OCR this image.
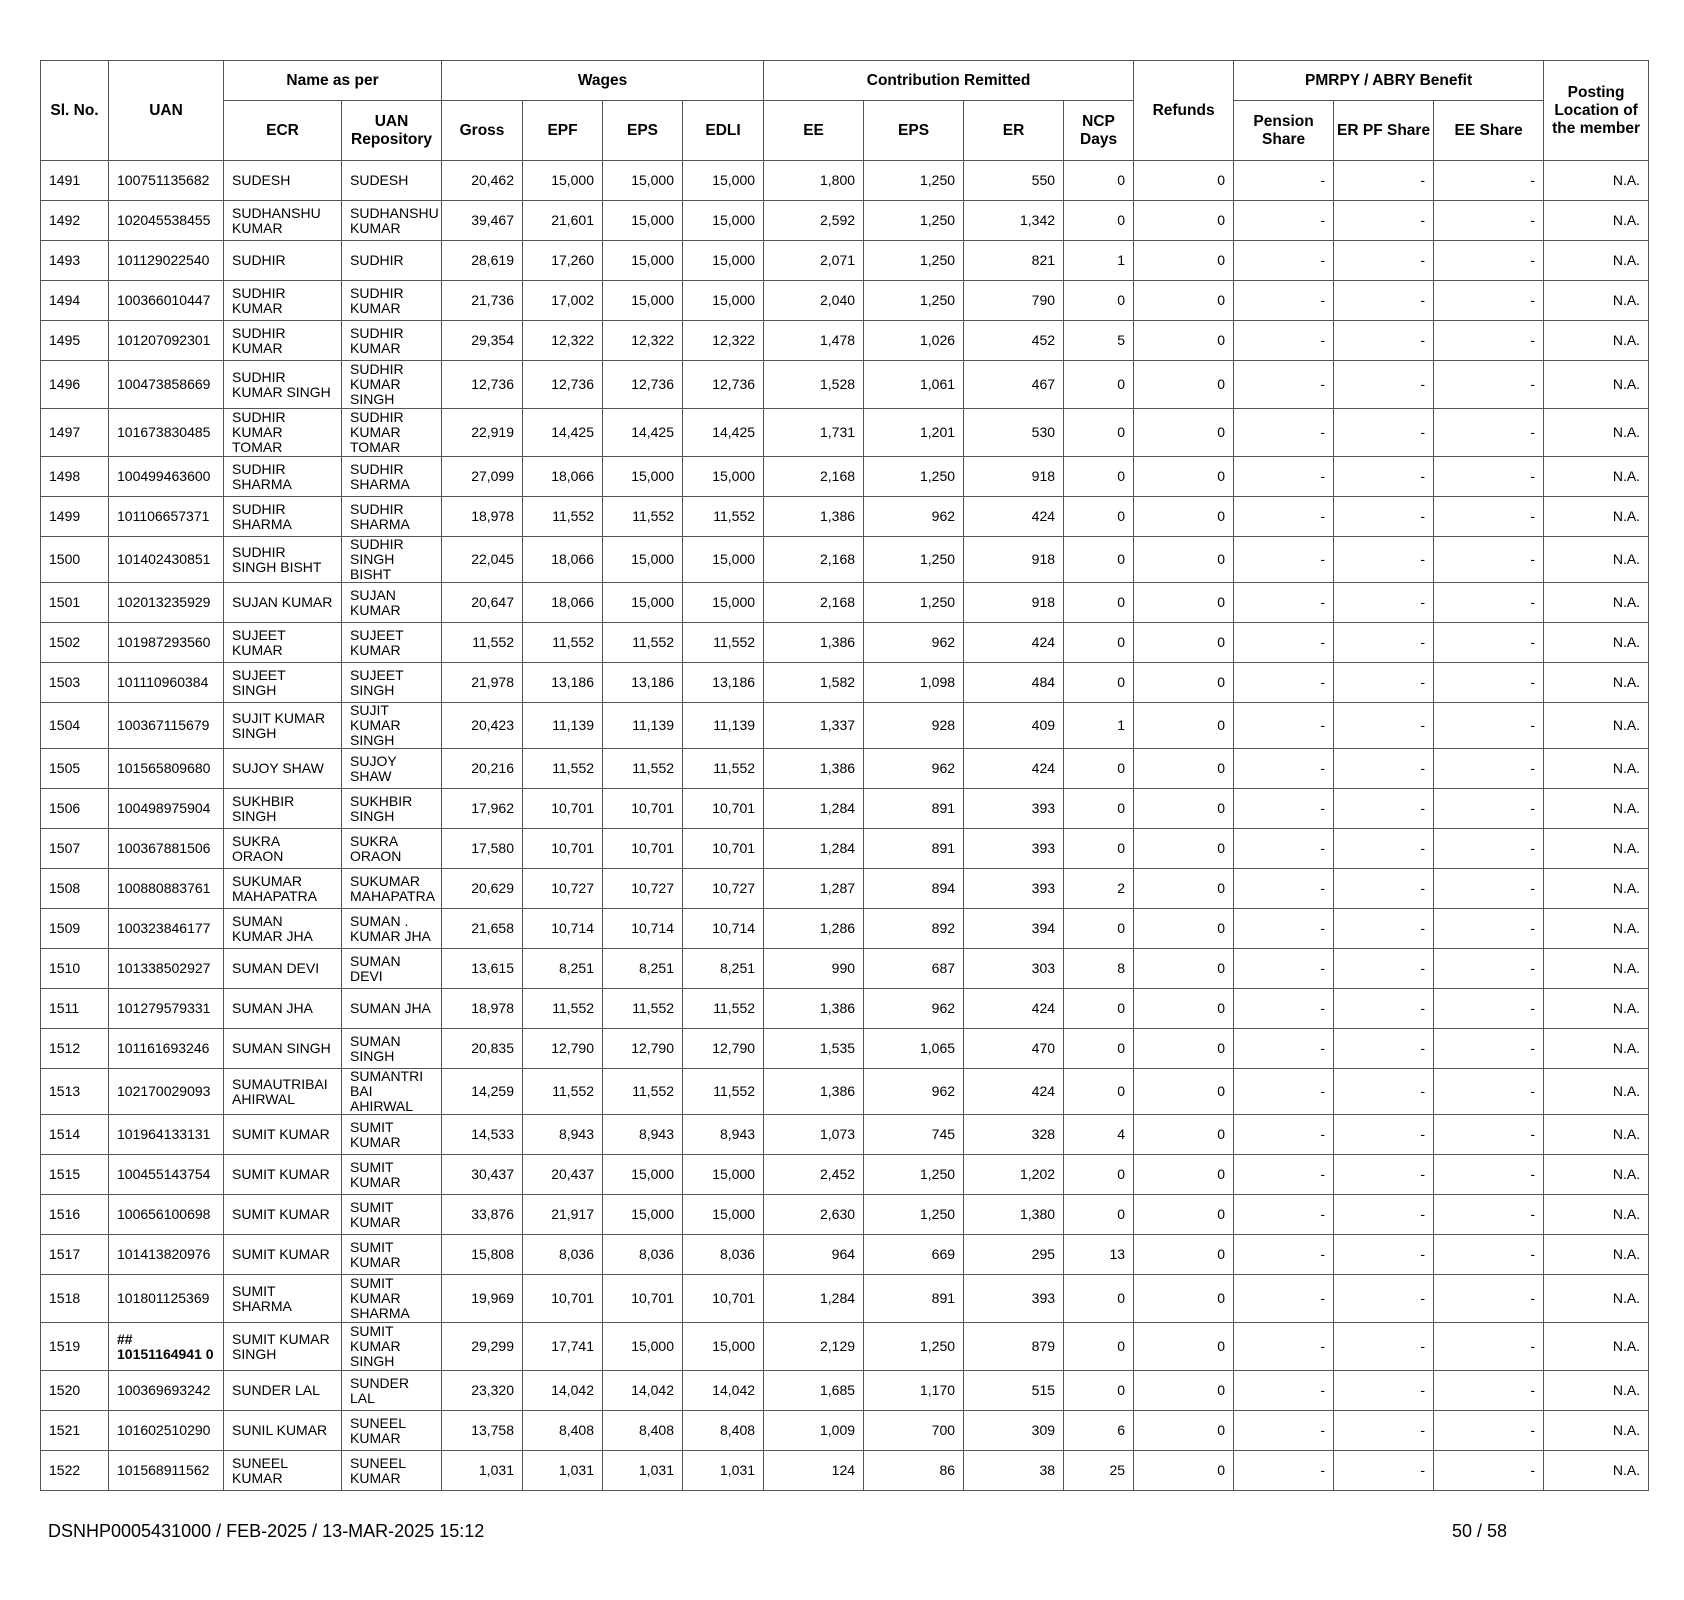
Sl. No.	UAN	Name as per		Wages				Contribution Remitted				Refunds	PMRPY / ABRY Benefit			Posting Location of the member
		ECR	UAN Repository	Gross	EPF	EPS	EDLI	EE	EPS	ER	NCP Days		Pension Share	ER PF Share	EE Share	
1491	100751135682	SUDESH	SUDESH	20,462	15,000	15,000	15,000	1,800	1,250	550	0	0	-	-	-	N.A.
1492	102045538455	SUDHANSHU KUMAR	SUDHANSHU KUMAR	39,467	21,601	15,000	15,000	2,592	1,250	1,342	0	0	-	-	-	N.A.
1493	101129022540	SUDHIR	SUDHIR	28,619	17,260	15,000	15,000	2,071	1,250	821	1	0	-	-	-	N.A.
1494	100366010447	SUDHIR KUMAR	SUDHIR KUMAR	21,736	17,002	15,000	15,000	2,040	1,250	790	0	0	-	-	-	N.A.
1495	101207092301	SUDHIR KUMAR	SUDHIR KUMAR	29,354	12,322	12,322	12,322	1,478	1,026	452	5	0	-	-	-	N.A.
1496	100473858669	SUDHIR KUMAR SINGH	SUDHIR KUMAR SINGH	12,736	12,736	12,736	12,736	1,528	1,061	467	0	0	-	-	-	N.A.
1497	101673830485	SUDHIR KUMAR TOMAR	SUDHIR KUMAR TOMAR	22,919	14,425	14,425	14,425	1,731	1,201	530	0	0	-	-	-	N.A.
1498	100499463600	SUDHIR SHARMA	SUDHIR SHARMA	27,099	18,066	15,000	15,000	2,168	1,250	918	0	0	-	-	-	N.A.
1499	101106657371	SUDHIR SHARMA	SUDHIR SHARMA	18,978	11,552	11,552	11,552	1,386	962	424	0	0	-	-	-	N.A.
1500	101402430851	SUDHIR SINGH BISHT	SUDHIR SINGH BISHT	22,045	18,066	15,000	15,000	2,168	1,250	918	0	0	-	-	-	N.A.
1501	102013235929	SUJAN KUMAR	SUJAN KUMAR	20,647	18,066	15,000	15,000	2,168	1,250	918	0	0	-	-	-	N.A.
1502	101987293560	SUJEET KUMAR	SUJEET KUMAR	11,552	11,552	11,552	11,552	1,386	962	424	0	0	-	-	-	N.A.
1503	101110960384	SUJEET SINGH	SUJEET SINGH	21,978	13,186	13,186	13,186	1,582	1,098	484	0	0	-	-	-	N.A.
1504	100367115679	SUJIT KUMAR SINGH	SUJIT KUMAR SINGH	20,423	11,139	11,139	11,139	1,337	928	409	1	0	-	-	-	N.A.
1505	101565809680	SUJOY SHAW	SUJOY SHAW	20,216	11,552	11,552	11,552	1,386	962	424	0	0	-	-	-	N.A.
1506	100498975904	SUKHBIR SINGH	SUKHBIR SINGH	17,962	10,701	10,701	10,701	1,284	891	393	0	0	-	-	-	N.A.
1507	100367881506	SUKRA ORAON	SUKRA ORAON	17,580	10,701	10,701	10,701	1,284	891	393	0	0	-	-	-	N.A.
1508	100880883761	SUKUMAR MAHAPATRA	SUKUMAR MAHAPATRA	20,629	10,727	10,727	10,727	1,287	894	393	2	0	-	-	-	N.A.
1509	100323846177	SUMAN KUMAR JHA	SUMAN . KUMAR JHA	21,658	10,714	10,714	10,714	1,286	892	394	0	0	-	-	-	N.A.
1510	101338502927	SUMAN DEVI	SUMAN DEVI	13,615	8,251	8,251	8,251	990	687	303	8	0	-	-	-	N.A.
1511	101279579331	SUMAN JHA	SUMAN JHA	18,978	11,552	11,552	11,552	1,386	962	424	0	0	-	-	-	N.A.
1512	101161693246	SUMAN SINGH	SUMAN SINGH	20,835	12,790	12,790	12,790	1,535	1,065	470	0	0	-	-	-	N.A.
1513	102170029093	SUMAUTRIBAI AHIRWAL	SUMANTRI BAI AHIRWAL	14,259	11,552	11,552	11,552	1,386	962	424	0	0	-	-	-	N.A.
1514	101964133131	SUMIT KUMAR	SUMIT KUMAR	14,533	8,943	8,943	8,943	1,073	745	328	4	0	-	-	-	N.A.
1515	100455143754	SUMIT KUMAR	SUMIT KUMAR	30,437	20,437	15,000	15,000	2,452	1,250	1,202	0	0	-	-	-	N.A.
1516	100656100698	SUMIT KUMAR	SUMIT KUMAR	33,876	21,917	15,000	15,000	2,630	1,250	1,380	0	0	-	-	-	N.A.
1517	101413820976	SUMIT KUMAR	SUMIT KUMAR	15,808	8,036	8,036	8,036	964	669	295	13	0	-	-	-	N.A.
1518	101801125369	SUMIT SHARMA	SUMIT KUMAR SHARMA	19,969	10,701	10,701	10,701	1,284	891	393	0	0	-	-	-	N.A.
1519	## 10151164941 0	SUMIT KUMAR SINGH	SUMIT KUMAR SINGH	29,299	17,741	15,000	15,000	2,129	1,250	879	0	0	-	-	-	N.A.
1520	100369693242	SUNDER LAL	SUNDER LAL	23,320	14,042	14,042	14,042	1,685	1,170	515	0	0	-	-	-	N.A.
1521	101602510290	SUNIL KUMAR	SUNEEL KUMAR	13,758	8,408	8,408	8,408	1,009	700	309	6	0	-	-	-	N.A.
1522	101568911562	SUNEEL KUMAR	SUNEEL KUMAR	1,031	1,031	1,031	1,031	124	86	38	25	0	-	-	-	N.A.
DSNHP0005431000 / FEB-2025 / 13-MAR-2025 15:12	50 / 58
